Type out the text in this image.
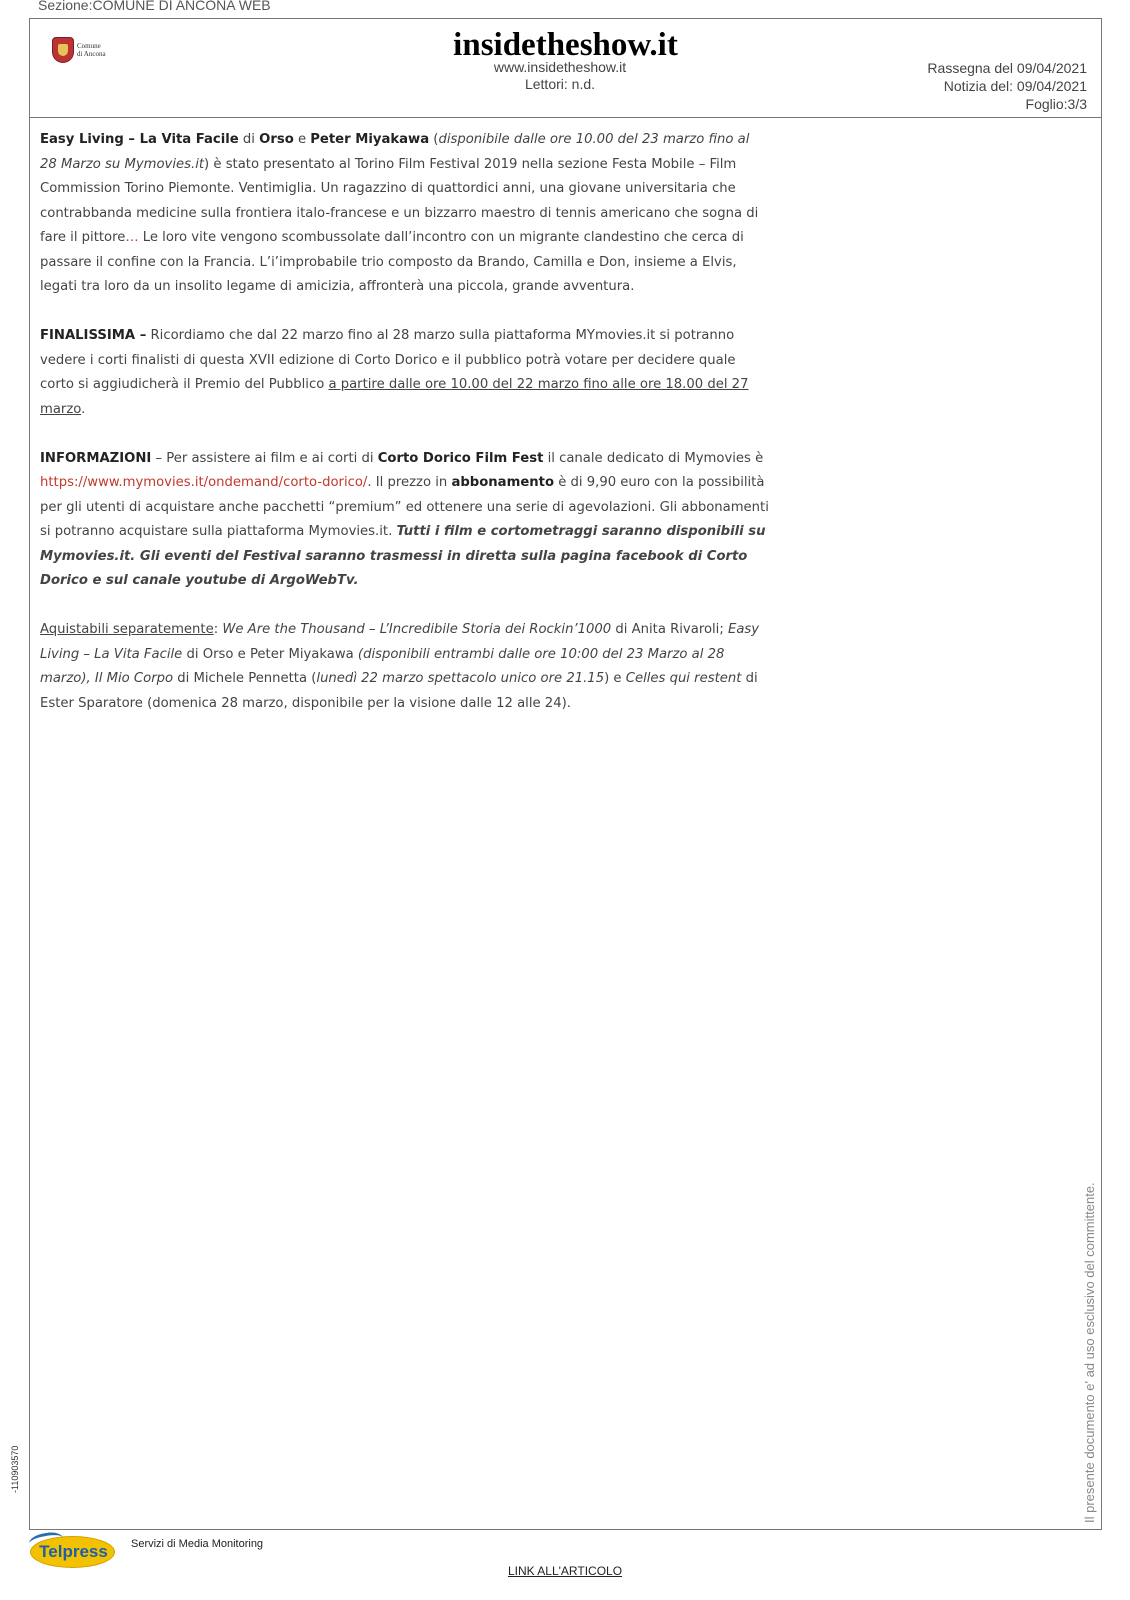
Sezione:COMUNE DI ANCONA WEB
Comune
di Ancona	insidetheshow.it
Rassegna del 09/04/2021
Notizia del: 09/04/2021
Foglio:3/3
www.insidetheshow.it
Lettori: n.d.

Easy Living – La Vita Facile di Orso e Peter Miyakawa (disponibile dalle ore 10.00 del 23 marzo fino al 28 Marzo su Mymovies.it) è stato presentato al Torino Film Festival 2019 nella sezione Festa Mobile – Film Commission Torino Piemonte. Ventimiglia. Un ragazzino di quattordici anni, una giovane universitaria che contrabbanda medicine sulla frontiera italo-francese e un bizzarro maestro di tennis americano che sogna di fare il pittore… Le loro vite vengono scombussolate dall’incontro con un migrante clandestino che cerca di passare il confine con la Francia. L’i’improbabile trio composto da Brando, Camilla e Don, insieme a Elvis, legati tra loro da un insolito legame di amicizia, affronterà una piccola, grande avventura.

FINALISSIMA – Ricordiamo che dal 22 marzo fino al 28 marzo sulla piattaforma MYmovies.it si potranno vedere i corti finalisti di questa XVII edizione di Corto Dorico e il pubblico potrà votare per decidere quale corto si aggiudicherà il Premio del Pubblico a partire dalle ore 10.00 del 22 marzo fino alle ore 18.00 del 27 marzo.

INFORMAZIONI – Per assistere ai film e ai corti di Corto Dorico Film Fest il canale dedicato di Mymovies è https://www.mymovies.it/ondemand/corto-dorico/. Il prezzo in abbonamento è di 9,90 euro con la possibilità per gli utenti di acquistare anche pacchetti “premium” ed ottenere una serie di agevolazioni. Gli abbonamenti si potranno acquistare sulla piattaforma Mymovies.it. Tutti i film e cortometraggi saranno disponibili su Mymovies.it. Gli eventi del Festival saranno trasmessi in diretta sulla pagina facebook di Corto Dorico e sul canale youtube di ArgoWebTv.

Aquistabili separatemente: We Are the Thousand – L’Incredibile Storia dei Rockin’1000 di Anita Rivaroli; Easy Living – La Vita Facile di Orso e Peter Miyakawa (disponibili entrambi dalle ore 10:00 del 23 Marzo al 28 marzo), Il Mio Corpo di Michele Pennetta (lunedì 22 marzo spettacolo unico ore 21.15) e Celles qui restent di Ester Sparatore (domenica 28 marzo, disponibile per la visione dalle 12 alle 24).

Il presente documento e' ad uso esclusivo del committente.
-110903570
Telpress	Servizi di Media Monitoring
LINK ALL'ARTICOLO
